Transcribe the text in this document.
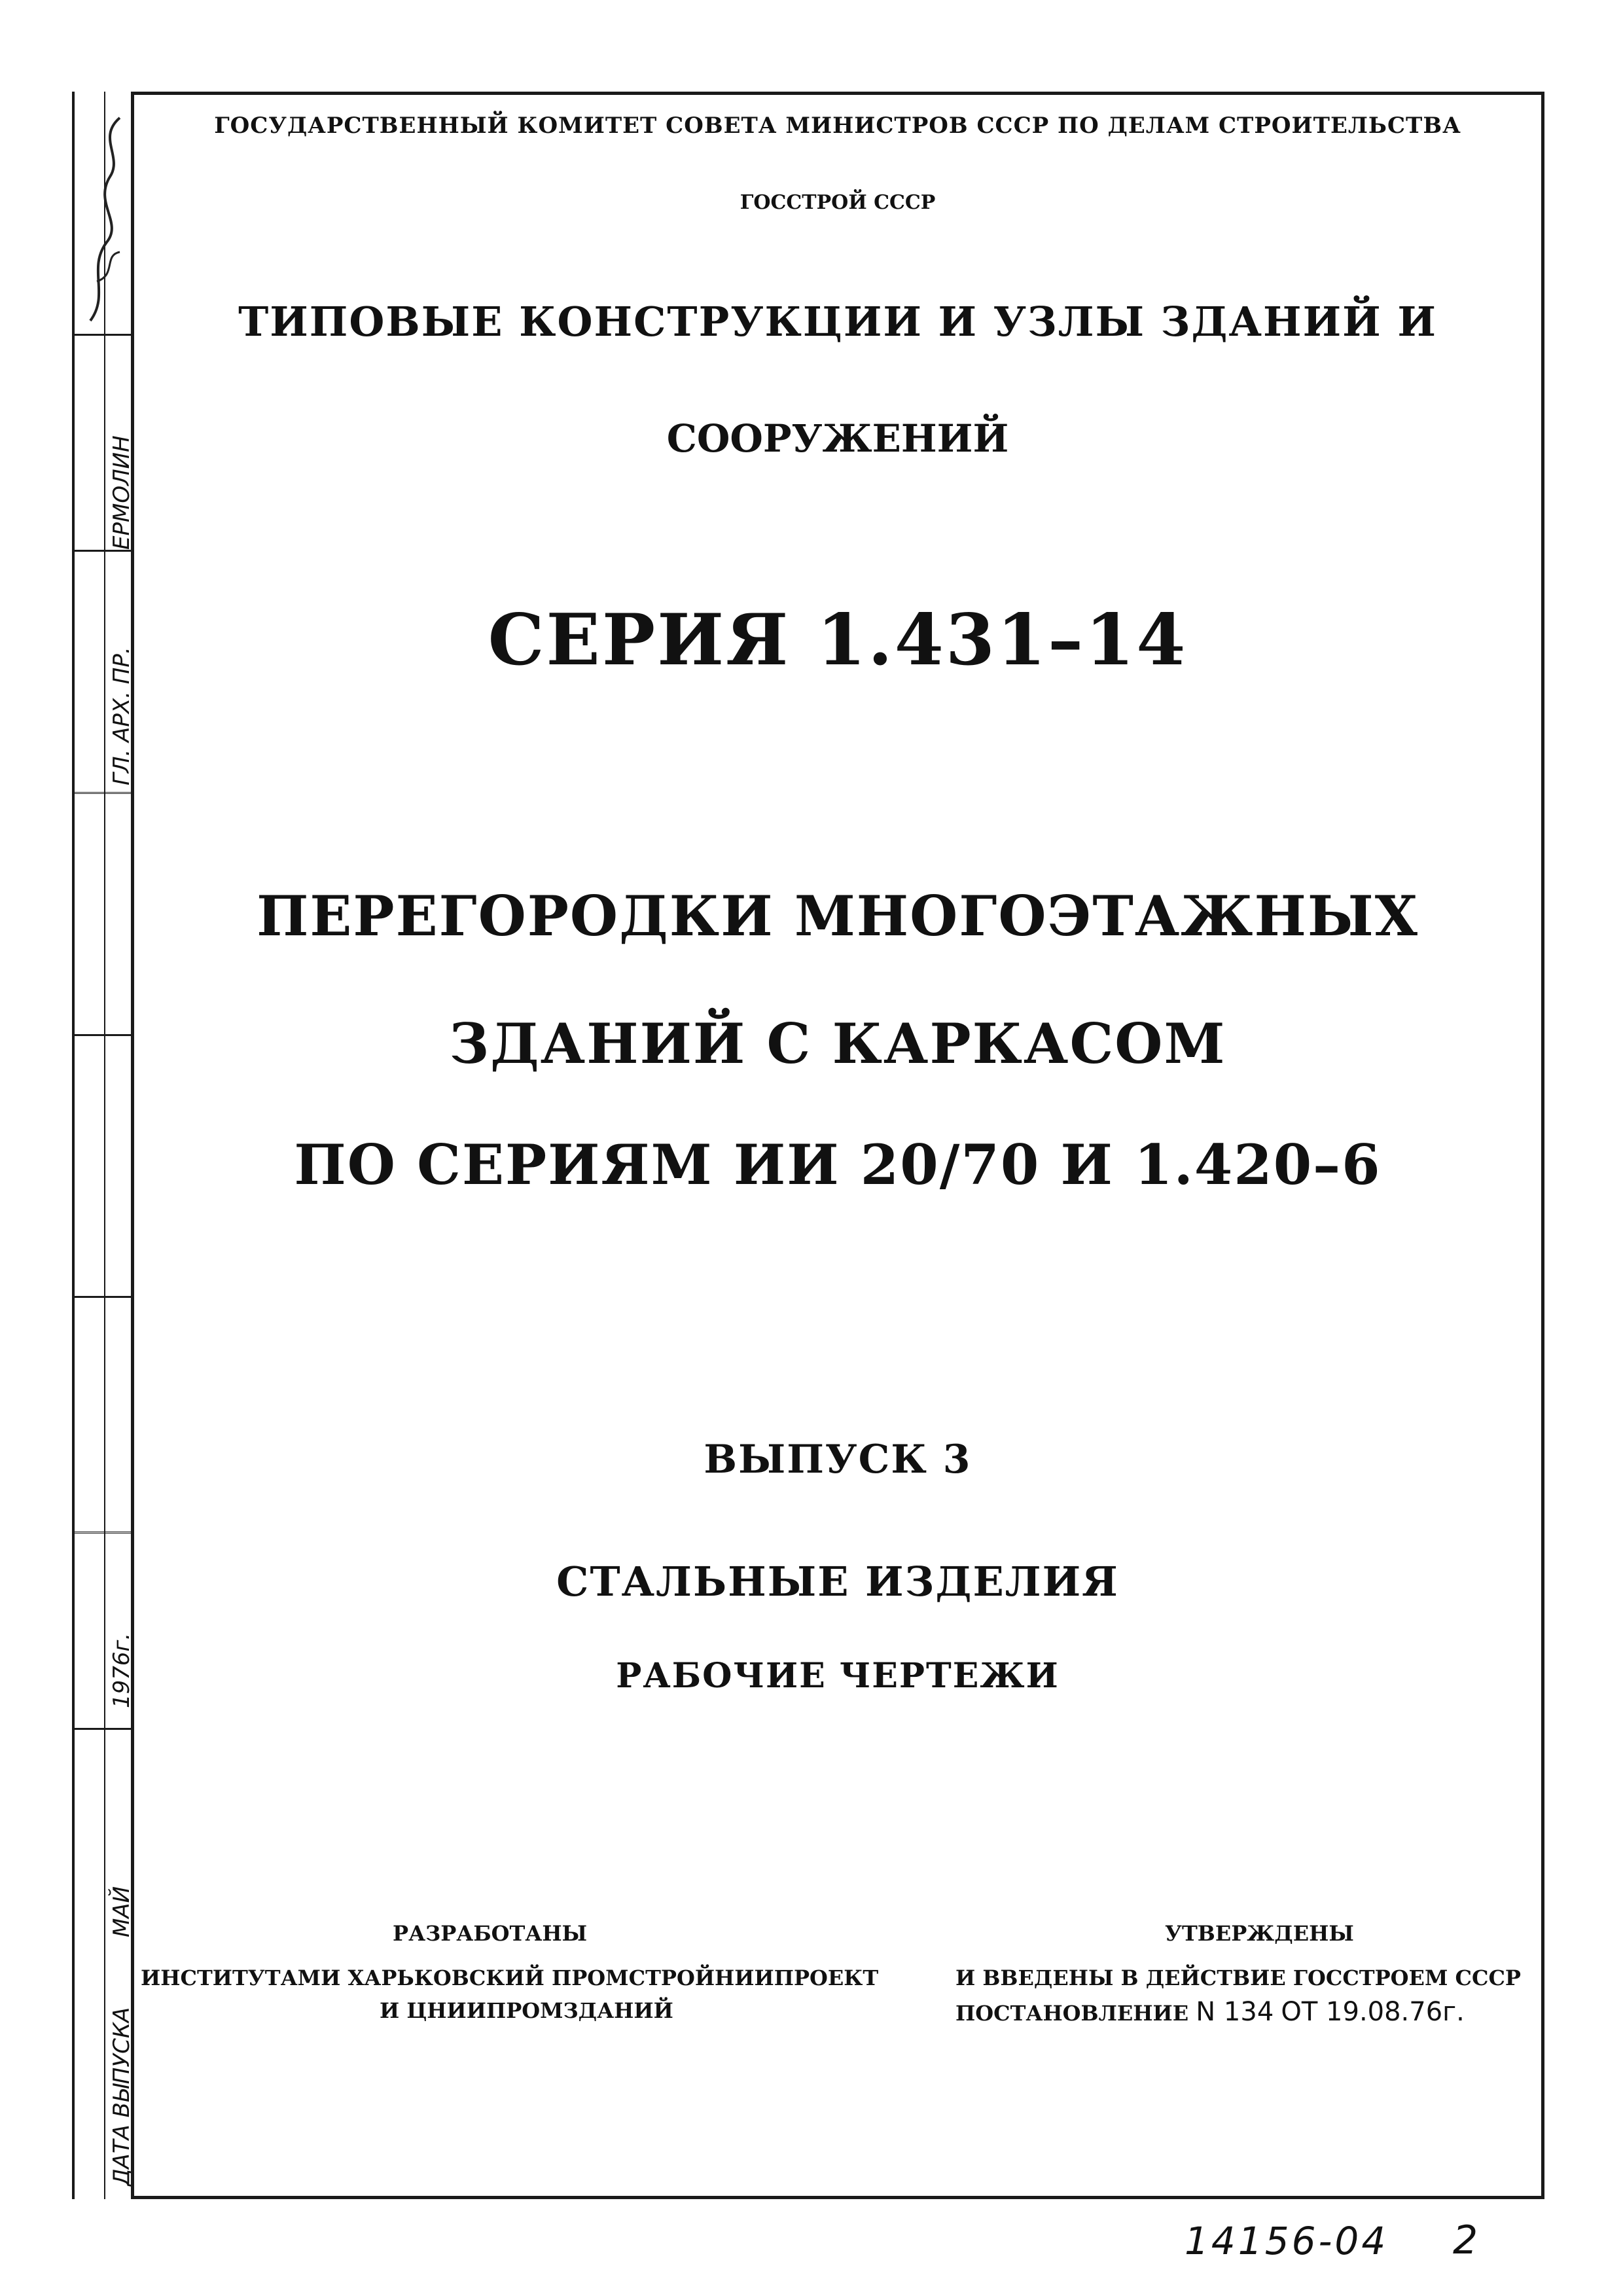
ГЛ. АРХ. ПР.
ЕРМОЛИН
ДАТА ВЫПУСКА
МАЙ
1976г.
ГОСУДАРСТВЕННЫЙ КОМИТЕТ СОВЕТА МИНИСТРОВ СССР ПО ДЕЛАМ СТРОИТЕЛЬСТВА
ГОССТРОЙ СССР
ТИПОВЫЕ КОНСТРУКЦИИ И УЗЛЫ ЗДАНИЙ И
СООРУЖЕНИЙ
СЕРИЯ 1.431–14
ПЕРЕГОРОДКИ МНОГОЭТАЖНЫХ
ЗДАНИЙ С КАРКАСОМ
ПО СЕРИЯМ ИИ 20/70 И 1.420–6
ВЫПУСК 3
СТАЛЬНЫЕ ИЗДЕЛИЯ
РАБОЧИЕ ЧЕРТЕЖИ
РАЗРАБОТАНЫ
ИНСТИТУТАМИ ХАРЬКОВСКИЙ ПРОМСТРОЙНИИПРОЕКТ
И ЦНИИПРОМЗДАНИЙ
УТВЕРЖДЕНЫ
И ВВЕДЕНЫ В ДЕЙСТВИЕ ГОССТРОЕМ СССР
ПОСТАНОВЛЕНИЕ N 134 ОТ 19.08.76г.
14156-04 2
